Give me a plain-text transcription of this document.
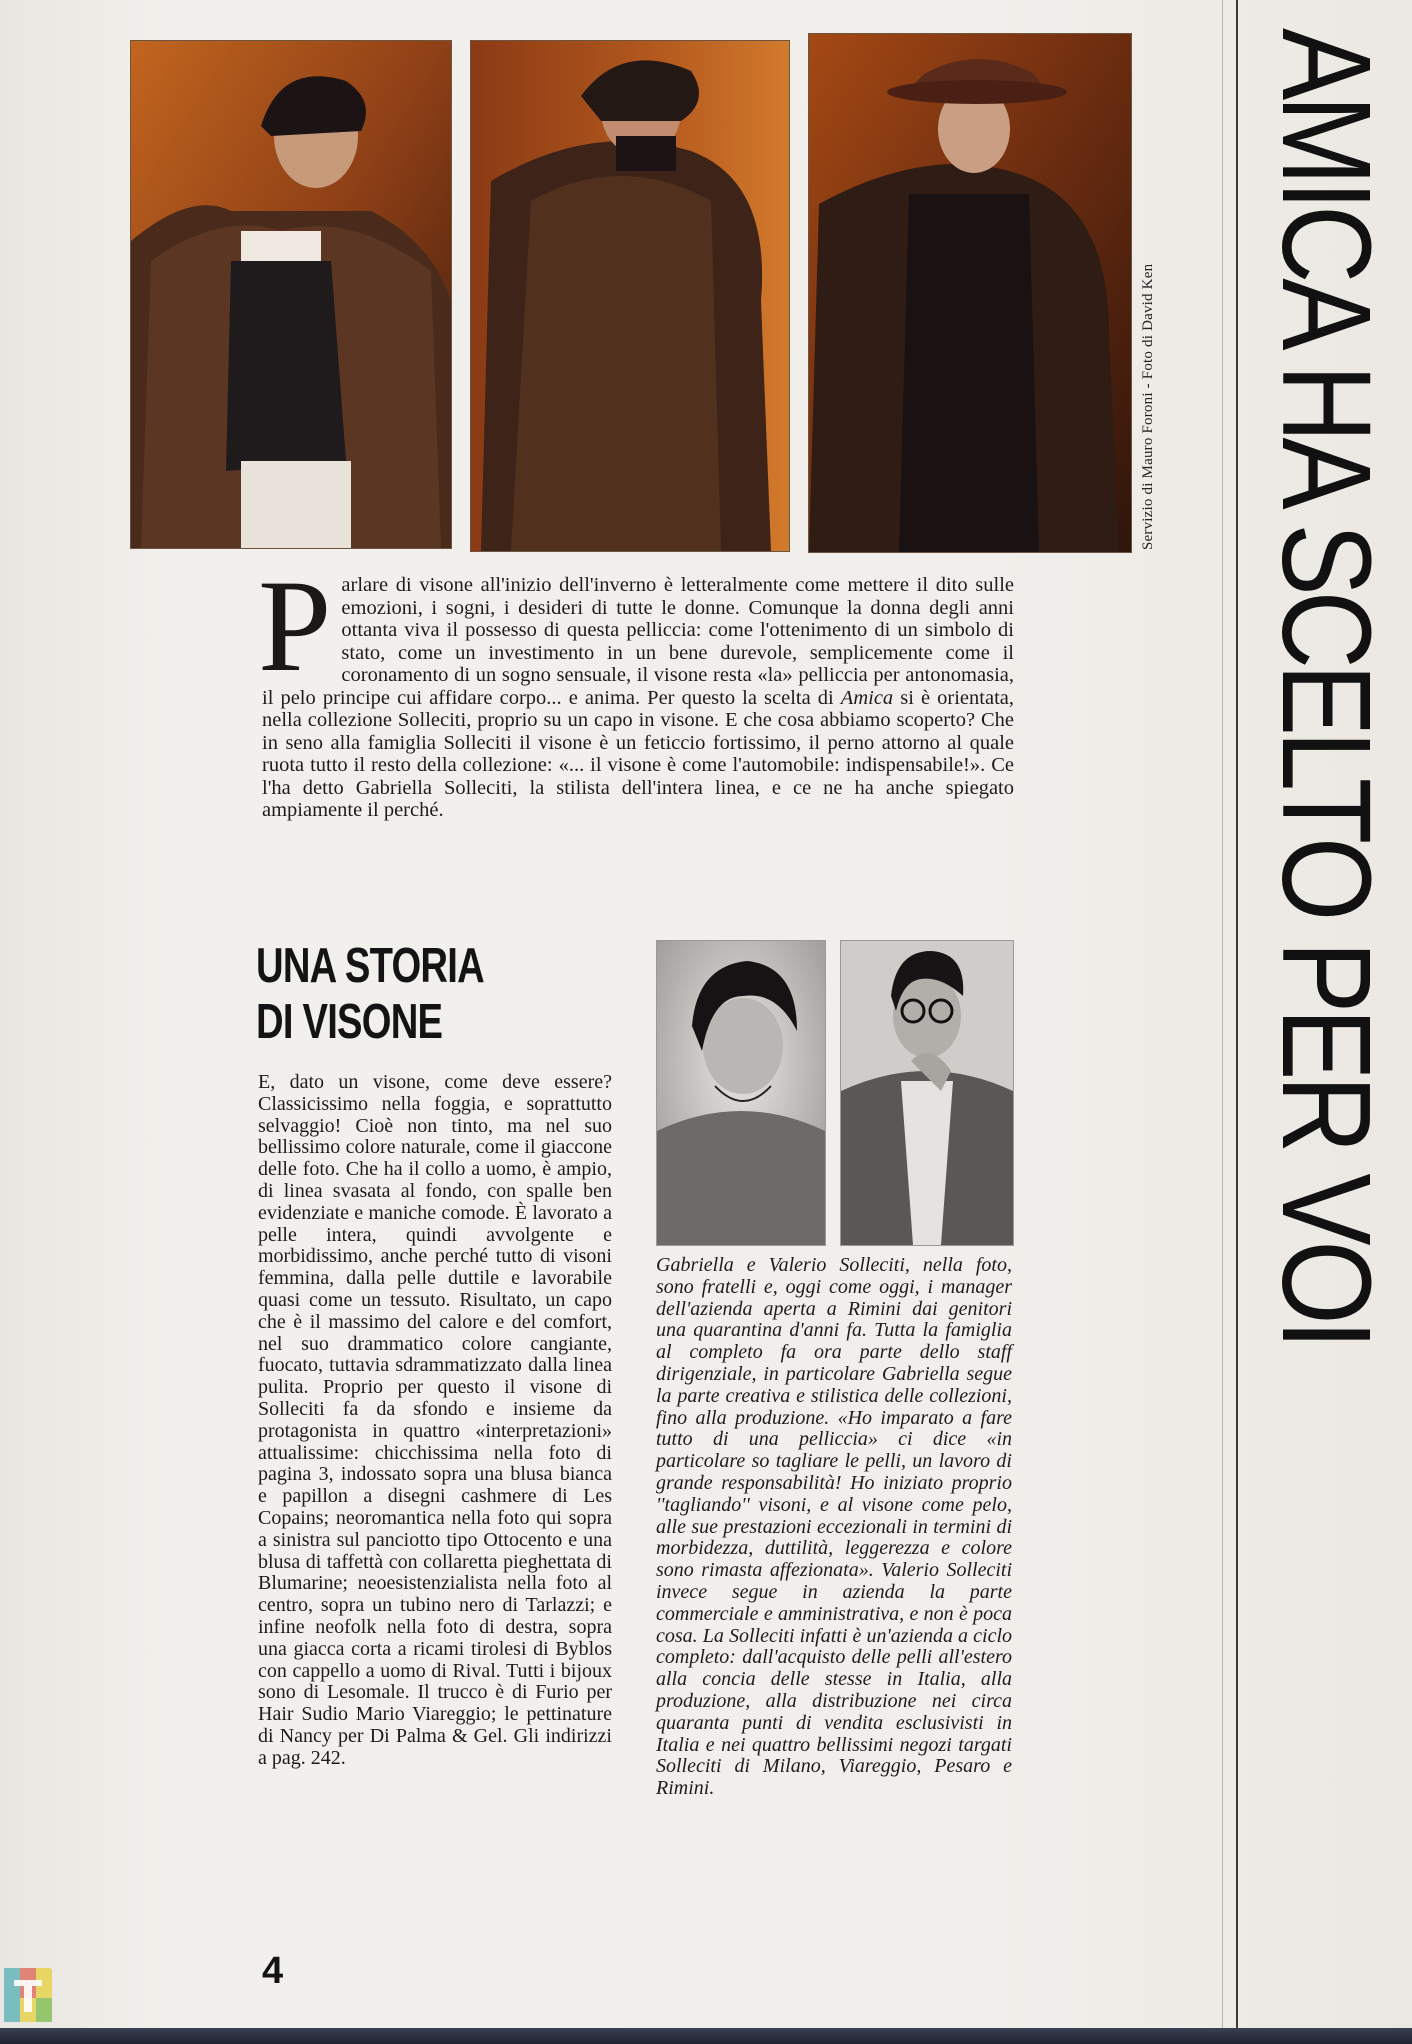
Servizio di Mauro Foroni - Foto di David Ken AMICA HA SCELTO PER VOI
Parlare di visone all'inizio dell'inverno è letteralmente come mettere il dito sulle emozioni, i sogni, i desideri di tutte le donne. Comunque la donna degli anni ottanta viva il possesso di questa pelliccia: come l'ottenimento di un simbolo di stato, come un investimento in un bene durevole, semplicemente come il coronamento di un sogno sensuale, il visone resta «la» pelliccia per antonomasia, il pelo principe cui affidare corpo... e anima. Per questo la scelta di Amica si è orientata, nella collezione Solleciti, proprio su un capo in visone. E che cosa abbiamo scoperto? Che in seno alla famiglia Solleciti il visone è un feticcio fortissimo, il perno attorno al quale ruota tutto il resto della collezione: «... il visone è come l'automobile: indispensabile!». Ce l'ha detto Gabriella Solleciti, la stilista dell'intera linea, e ce ne ha anche spiegato ampiamente il perché.
UNA STORIA
DI VISONE
E, dato un visone, come deve essere? Classicissimo nella foggia, e soprattutto selvaggio! Cioè non tinto, ma nel suo bellissimo colore naturale, come il giaccone delle foto. Che ha il collo a uomo, è ampio, di linea svasata al fondo, con spalle ben evidenziate e maniche comode. È lavorato a pelle intera, quindi avvolgente e morbidissimo, anche perché tutto di visoni femmina, dalla pelle duttile e lavorabile quasi come un tessuto. Risultato, un capo che è il massimo del calore e del comfort, nel suo drammatico colore cangiante, fuocato, tuttavia sdrammatizzato dalla linea pulita. Proprio per questo il visone di Solleciti fa da sfondo e insieme da protagonista in quattro «interpretazioni» attualissime: chicchissima nella foto di pagina 3, indossato sopra una blusa bianca e papillon a disegni cashmere di Les Copains; neoromantica nella foto qui sopra a sinistra sul panciotto tipo Ottocento e una blusa di taffettà con collaretta pieghettata di Blumarine; neoesistenzialista nella foto al centro, sopra un tubino nero di Tarlazzi; e infine neofolk nella foto di destra, sopra una giacca corta a ricami tirolesi di Byblos con cappello a uomo di Rival. Tutti i bijoux sono di Lesomale. Il trucco è di Furio per Hair Sudio Mario Viareggio; le pettinature di Nancy per Di Palma & Gel. Gli indirizzi a pag. 242.
Gabriella e Valerio Solleciti, nella foto, sono fratelli e, oggi come oggi, i manager dell'azienda aperta a Rimini dai genitori una quarantina d'anni fa. Tutta la famiglia al completo fa ora parte dello staff dirigenziale, in particolare Gabriella segue la parte creativa e stilistica delle collezioni, fino alla produzione. «Ho imparato a fare tutto di una pelliccia» ci dice «in particolare so tagliare le pelli, un lavoro di grande responsabilità! Ho iniziato proprio ''tagliando'' visoni, e al visone come pelo, alle sue prestazioni eccezionali in termini di morbidezza, duttilità, leggerezza e colore sono rimasta affezionata». Valerio Solleciti invece segue in azienda la parte commerciale e amministrativa, e non è poca cosa. La Solleciti infatti è un'azienda a ciclo completo: dall'acquisto delle pelli all'estero alla concia delle stesse in Italia, alla produzione, alla distribuzione nei circa quaranta punti di vendita esclusivisti in Italia e nei quattro bellissimi negozi targati Solleciti di Milano, Viareggio, Pesaro e Rimini.
4
